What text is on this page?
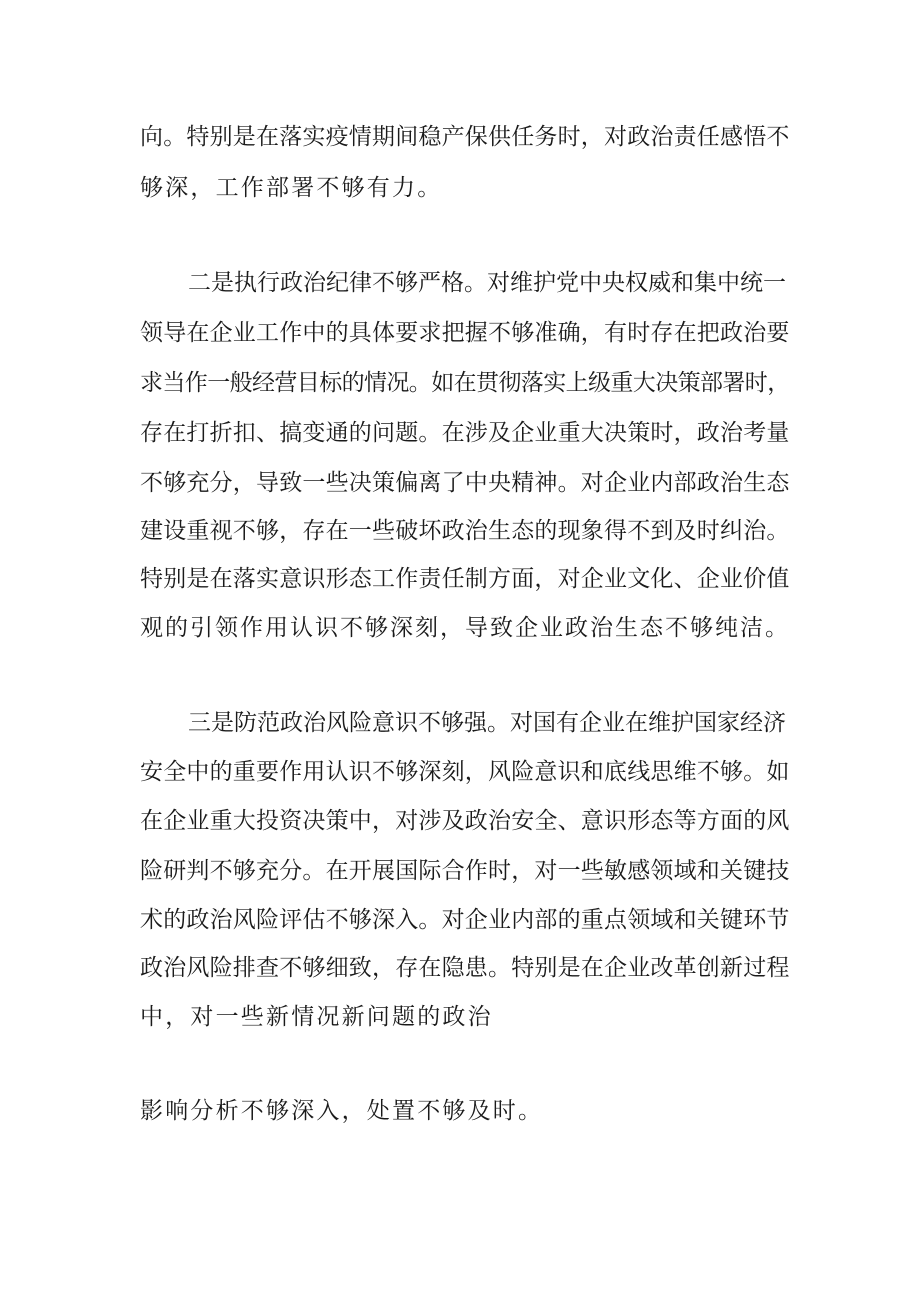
向。特别是在落实疫情期间稳产保供任务时，对政治责任感悟不
够深，工作部署不够有力。
二是执行政治纪律不够严格。对维护党中央权威和集中统一
领导在企业工作中的具体要求把握不够准确，有时存在把政治要
求当作一般经营目标的情况。如在贯彻落实上级重大决策部署时，
存在打折扣、搞变通的问题。在涉及企业重大决策时，政治考量
不够充分，导致一些决策偏离了中央精神。对企业内部政治生态
建设重视不够，存在一些破坏政治生态的现象得不到及时纠治。
特别是在落实意识形态工作责任制方面，对企业文化、企业价值
观的引领作用认识不够深刻，导致企业政治生态不够纯洁。
三是防范政治风险意识不够强。对国有企业在维护国家经济
安全中的重要作用认识不够深刻，风险意识和底线思维不够。如
在企业重大投资决策中，对涉及政治安全、意识形态等方面的风
险研判不够充分。在开展国际合作时，对一些敏感领域和关键技
术的政治风险评估不够深入。对企业内部的重点领域和关键环节
政治风险排查不够细致，存在隐患。特别是在企业改革创新过程
中，对一些新情况新问题的政治
影响分析不够深入，处置不够及时。
